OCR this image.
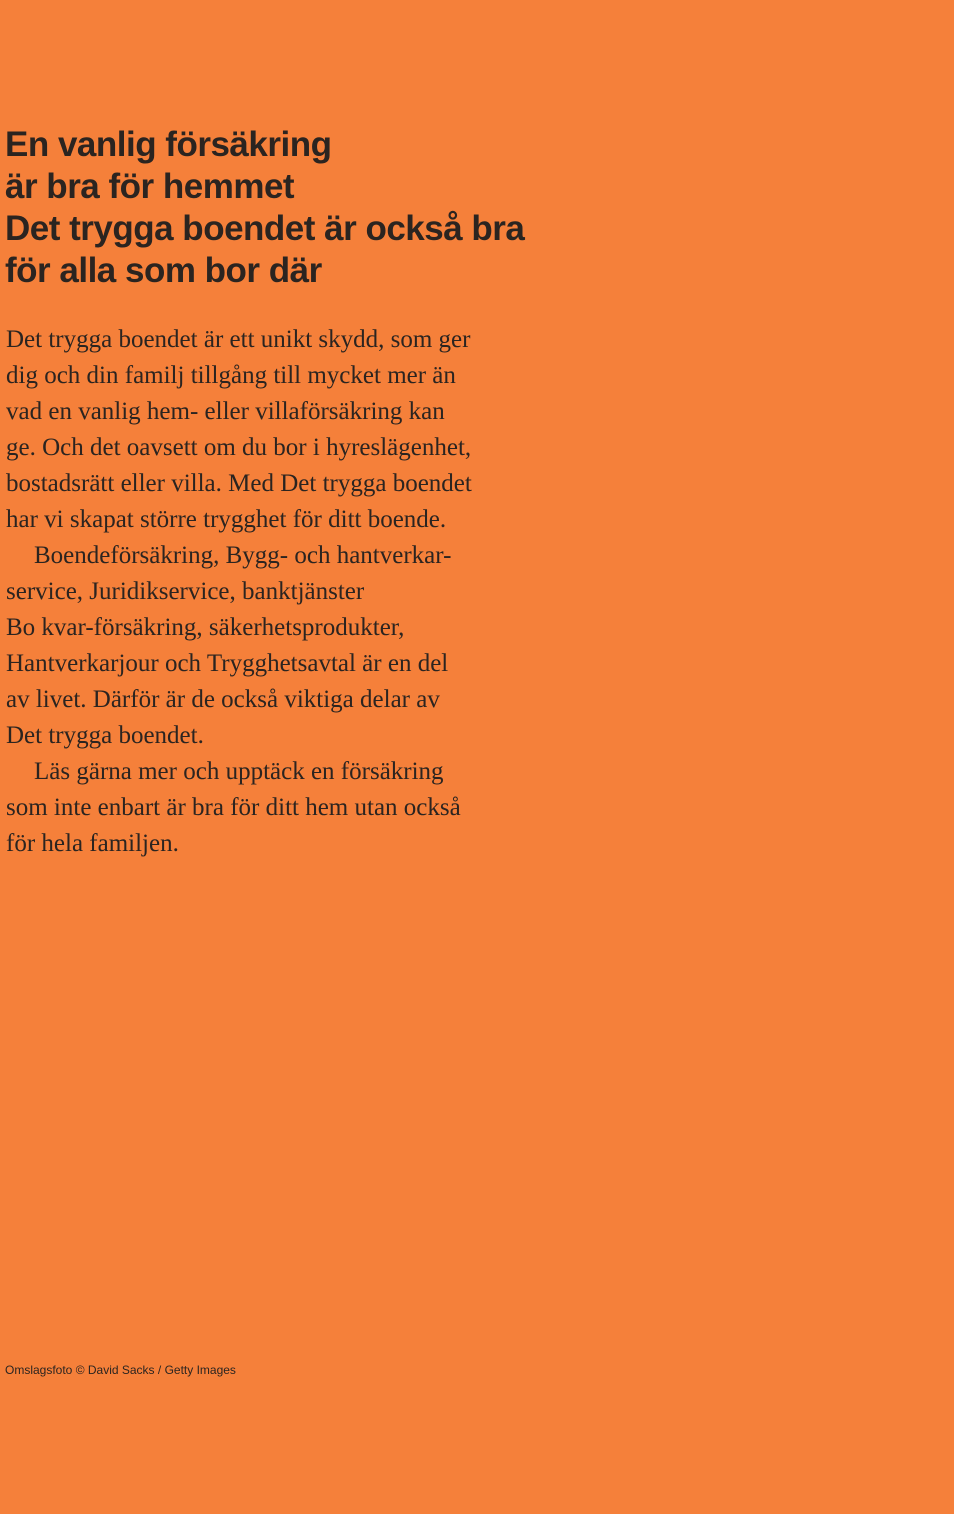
En vanlig försäkring
är bra för hemmet
Det trygga boendet är också bra
för alla som bor där
Det trygga boendet är ett unikt skydd, som ger
dig och din familj tillgång till mycket mer än
vad en vanlig hem- eller villaförsäkring kan
ge. Och det oavsett om du bor i hyreslägenhet,
bostadsrätt eller villa. Med Det trygga boendet
har vi skapat större trygghet för ditt boende.
Boendeförsäkring, Bygg- och hantverkar-
service, Juridikservice, banktjänster
Bo kvar-försäkring, säkerhetsprodukter,
Hantverkarjour och Trygghetsavtal är en del
av livet. Därför är de också viktiga delar av
Det trygga boendet.
Läs gärna mer och upptäck en försäkring
som inte enbart är bra för ditt hem utan också
för hela familjen.
Omslagsfoto © David Sacks / Getty Images
